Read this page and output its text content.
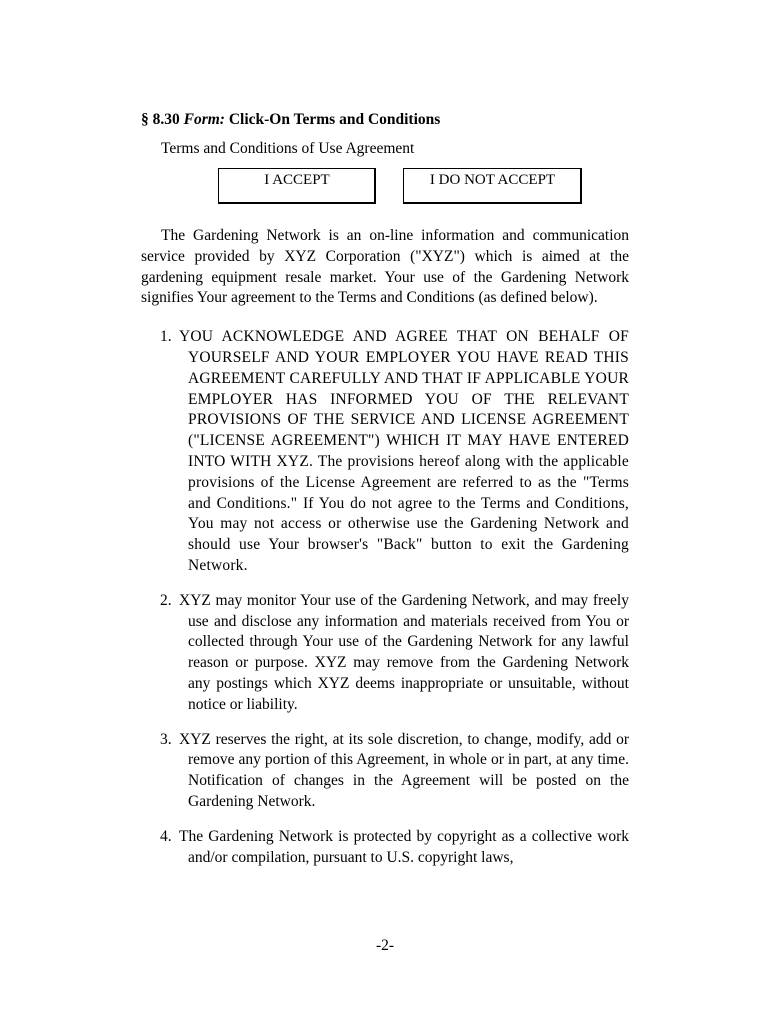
§ 8.30 Form: Click-On Terms and Conditions

Terms and Conditions of Use Agreement

I ACCEPT	I DO NOT ACCEPT

The Gardening Network is an on-line information and communication service provided by XYZ Corporation ("XYZ") which is aimed at the gardening equipment resale market. Your use of the Gardening Network signifies Your agreement to the Terms and Conditions (as defined below).

1. YOU ACKNOWLEDGE AND AGREE THAT ON BEHALF OF YOURSELF AND YOUR EMPLOYER YOU HAVE READ THIS AGREEMENT CAREFULLY AND THAT IF APPLICABLE YOUR EMPLOYER HAS INFORMED YOU OF THE RELEVANT PROVISIONS OF THE SERVICE AND LICENSE AGREEMENT ("LICENSE AGREEMENT") WHICH IT MAY HAVE ENTERED INTO WITH XYZ. The provisions hereof along with the applicable provisions of the License Agreement are referred to as the "Terms and Conditions." If You do not agree to the Terms and Conditions, You may not access or otherwise use the Gardening Network and should use Your browser's "Back" button to exit the Gardening Network.
2. XYZ may monitor Your use of the Gardening Network, and may freely use and disclose any information and materials received from You or collected through Your use of the Gardening Network for any lawful reason or purpose. XYZ may remove from the Gardening Network any postings which XYZ deems inappropriate or unsuitable, without notice or liability.
3. XYZ reserves the right, at its sole discretion, to change, modify, add or remove any portion of this Agreement, in whole or in part, at any time. Notification of changes in the Agreement will be posted on the Gardening Network.
4. The Gardening Network is protected by copyright as a collective work and/or compilation, pursuant to U.S. copyright laws,
-2-
